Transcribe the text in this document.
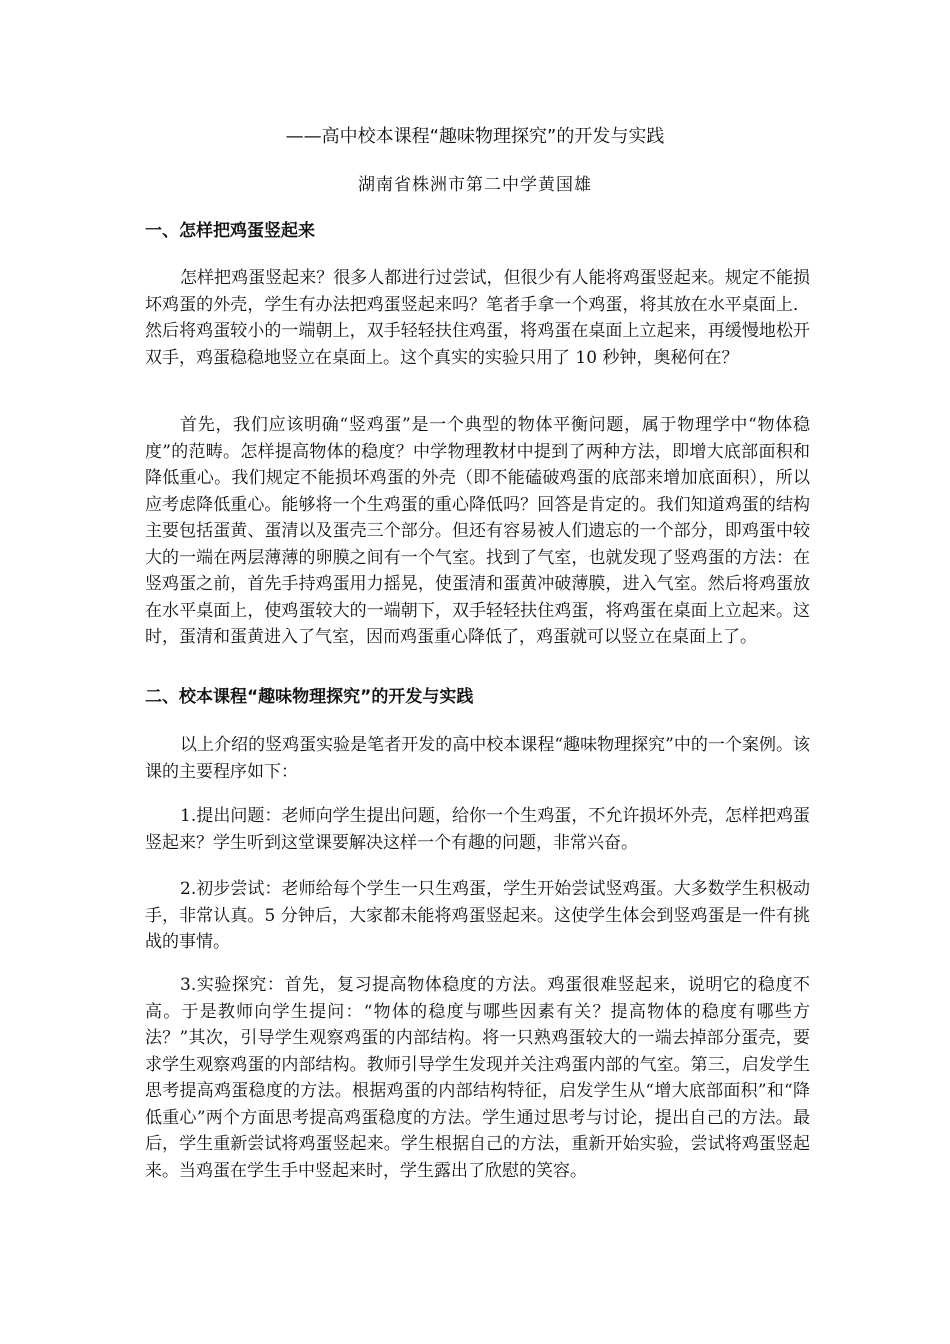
——高中校本课程“趣味物理探究”的开发与实践
湖南省株洲市第二中学黄国雄
一、怎样把鸡蛋竖起来
怎样把鸡蛋竖起来？很多人都进行过尝试，但很少有人能将鸡蛋竖起来。规定不能损坏鸡蛋的外壳，学生有办法把鸡蛋竖起来吗？笔者手拿一个鸡蛋，将其放在水平桌面上．然后将鸡蛋较小的一端朝上，双手轻轻扶住鸡蛋，将鸡蛋在桌面上立起来，再缓慢地松开双手，鸡蛋稳稳地竖立在桌面上。这个真实的实验只用了 10 秒钟，奥秘何在？
首先，我们应该明确“竖鸡蛋”是一个典型的物体平衡问题，属于物理学中“物体稳度”的范畴。怎样提高物体的稳度？中学物理教材中提到了两种方法，即增大底部面积和降低重心。我们规定不能损坏鸡蛋的外壳（即不能磕破鸡蛋的底部来增加底面积），所以应考虑降低重心。能够将一个生鸡蛋的重心降低吗？回答是肯定的。我们知道鸡蛋的结构主要包括蛋黄、蛋清以及蛋壳三个部分。但还有容易被人们遗忘的一个部分，即鸡蛋中较大的一端在两层薄薄的卵膜之间有一个气室。找到了气室，也就发现了竖鸡蛋的方法：在竖鸡蛋之前，首先手持鸡蛋用力摇晃，使蛋清和蛋黄冲破薄膜，进入气室。然后将鸡蛋放在水平桌面上，使鸡蛋较大的一端朝下，双手轻轻扶住鸡蛋，将鸡蛋在桌面上立起来。这时，蛋清和蛋黄进入了气室，因而鸡蛋重心降低了，鸡蛋就可以竖立在桌面上了。
二、校本课程“趣味物理探究”的开发与实践
以上介绍的竖鸡蛋实验是笔者开发的高中校本课程“趣味物理探究”中的一个案例。该课的主要程序如下：
1.提出问题：老师向学生提出问题，给你一个生鸡蛋，不允许损坏外壳，怎样把鸡蛋竖起来？学生听到这堂课要解决这样一个有趣的问题，非常兴奋。
2.初步尝试：老师给每个学生一只生鸡蛋，学生开始尝试竖鸡蛋。大多数学生积极动手，非常认真。5 分钟后，大家都未能将鸡蛋竖起来。这使学生体会到竖鸡蛋是一件有挑战的事情。
3.实验探究：首先，复习提高物体稳度的方法。鸡蛋很难竖起来，说明它的稳度不高。于是教师向学生提问：“物体的稳度与哪些因素有关？提高物体的稳度有哪些方法？”其次，引导学生观察鸡蛋的内部结构。将一只熟鸡蛋较大的一端去掉部分蛋壳，要求学生观察鸡蛋的内部结构。教师引导学生发现并关注鸡蛋内部的气室。第三，启发学生思考提高鸡蛋稳度的方法。根据鸡蛋的内部结构特征，启发学生从“增大底部面积”和“降低重心”两个方面思考提高鸡蛋稳度的方法。学生通过思考与讨论，提出自己的方法。最后，学生重新尝试将鸡蛋竖起来。学生根据自己的方法，重新开始实验，尝试将鸡蛋竖起来。当鸡蛋在学生手中竖起来时，学生露出了欣慰的笑容。
